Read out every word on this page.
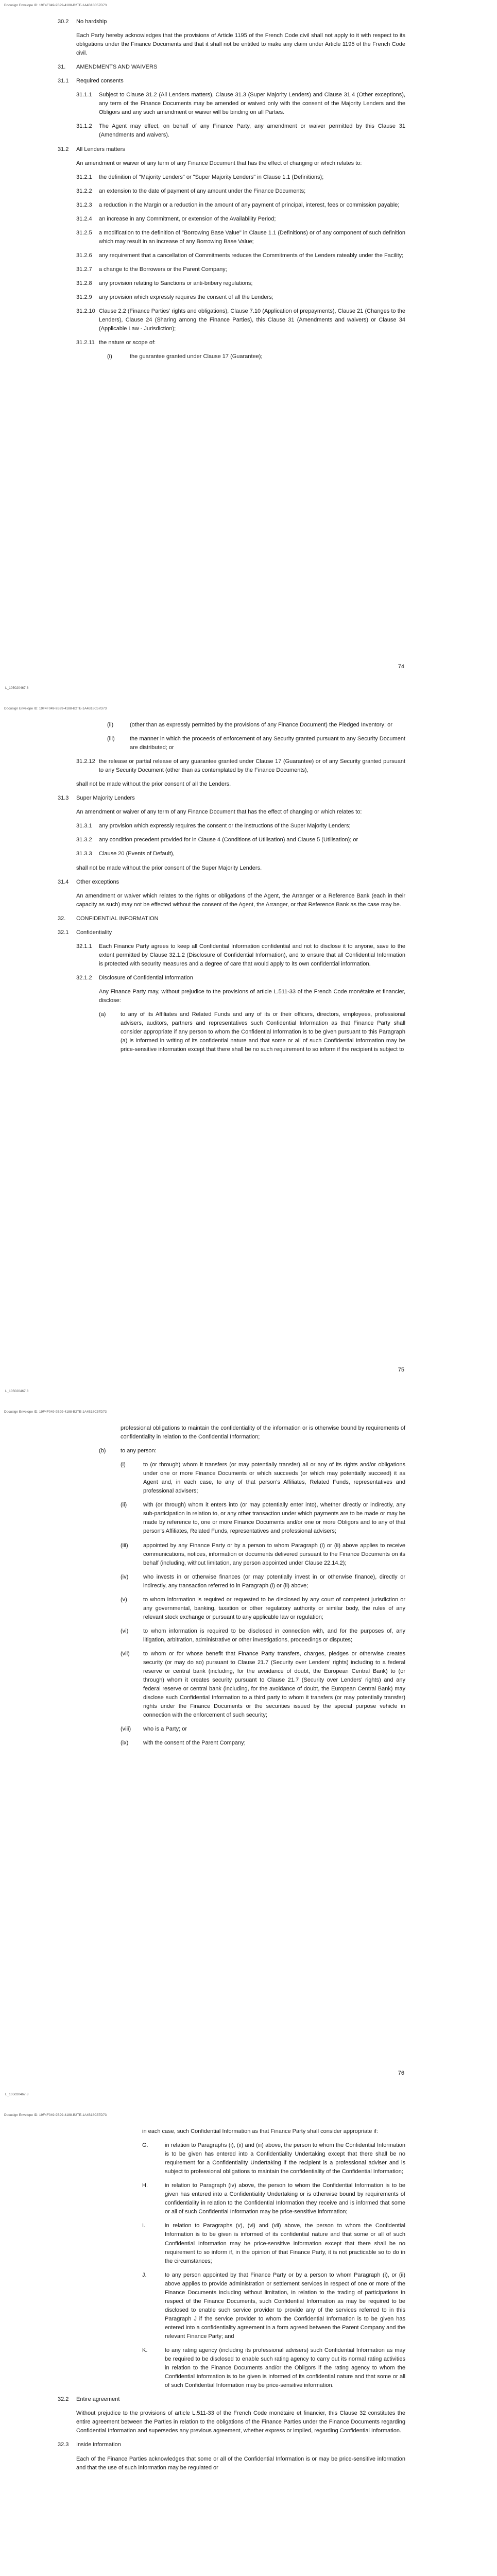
Docusign Envelope ID: 19F4F049-9B99-4188-B2TE-1A4B18C57D73
30.2	No hardship
Each Party hereby acknowledges that the provisions of Article 1195 of the French Code civil shall not apply to it with respect to its obligations under the Finance Documents and that it shall not be entitled to make any claim under Article 1195 of the French Code civil.
31.	AMENDMENTS AND WAIVERS
31.1	Required consents
31.1.1	Subject to Clause 31.2 (All Lenders matters), Clause 31.3 (Super Majority Lenders) and Clause 31.4 (Other exceptions), any term of the Finance Documents may be amended or waived only with the consent of the Majority Lenders and the Obligors and any such amendment or waiver will be binding on all Parties.
31.1.2	The Agent may effect, on behalf of any Finance Party, any amendment or waiver permitted by this Clause 31 (Amendments and waivers).
31.2	All Lenders matters
An amendment or waiver of any term of any Finance Document that has the effect of changing or which relates to:
31.2.1	the definition of "Majority Lenders" or "Super Majority Lenders" in Clause 1.1 (Definitions);
31.2.2	an extension to the date of payment of any amount under the Finance Documents;
31.2.3	a reduction in the Margin or a reduction in the amount of any payment of principal, interest, fees or commission payable;
31.2.4	an increase in any Commitment, or extension of the Availability Period;
31.2.5	a modification to the definition of "Borrowing Base Value" in Clause 1.1 (Definitions) or of any component of such definition which may result in an increase of any Borrowing Base Value;
31.2.6	any requirement that a cancellation of Commitments reduces the Commitments of the Lenders rateably under the Facility;
31.2.7	a change to the Borrowers or the Parent Company;
31.2.8	any provision relating to Sanctions or anti-bribery regulations;
31.2.9	any provision which expressly requires the consent of all the Lenders;
31.2.10 Clause 2.2 (Finance Parties' rights and obligations), Clause 7.10 (Application of prepayments), Clause 21 (Changes to the Lenders), Clause 24 (Sharing among the Finance Parties), this Clause 31 (Amendments and waivers) or Clause 34 (Applicable Law - Jurisdiction);
31.2.11 the nature or scope of:
(i)	the guarantee granted under Clause 17 (Guarantee);
74
L_105020467.8
Docusign Envelope ID: 19F4F049-9B99-4188-B2TE-1A4B18C57D73
(ii)	(other than as expressly permitted by the provisions of any Finance Document) the Pledged Inventory; or
(iii)	the manner in which the proceeds of enforcement of any Security granted pursuant to any Security Document are distributed; or
31.2.12 the release or partial release of any guarantee granted under Clause 17 (Guarantee) or of any Security granted pursuant to any Security Document (other than as contemplated by the Finance Documents),
shall not be made without the prior consent of all the Lenders.
31.3	Super Majority Lenders
An amendment or waiver of any term of any Finance Document that has the effect of changing or which relates to:
31.3.1	any provision which expressly requires the consent or the instructions of the Super Majority Lenders;
31.3.2	any condition precedent provided for in Clause 4 (Conditions of Utilisation) and Clause 5 (Utilisation); or
31.3.3	Clause 20 (Events of Default),
shall not be made without the prior consent of the Super Majority Lenders.
31.4	Other exceptions
An amendment or waiver which relates to the rights or obligations of the Agent, the Arranger or a Reference Bank (each in their capacity as such) may not be effected without the consent of the Agent, the Arranger, or that Reference Bank as the case may be.
32.	CONFIDENTIAL INFORMATION
32.1	Confidentiality
32.1.1	Each Finance Party agrees to keep all Confidential Information confidential and not to disclose it to anyone, save to the extent permitted by Clause 32.1.2 (Disclosure of Confidential Information), and to ensure that all Confidential Information is protected with security measures and a degree of care that would apply to its own confidential information.
32.1.2	Disclosure of Confidential Information
Any Finance Party may, without prejudice to the provisions of article L.511-33 of the French Code monétaire et financier, disclose:
(a)	to any of its Affiliates and Related Funds and any of its or their officers, directors, employees, professional advisers, auditors, partners and representatives such Confidential Information as that Finance Party shall consider appropriate if any person to whom the Confidential Information is to be given pursuant to this Paragraph (a) is informed in writing of its confidential nature and that some or all of such Confidential Information may be price-sensitive information except that there shall be no such requirement to so inform if the recipient is subject to
75
L_105020467.8
Docusign Envelope ID: 19F4F049-9B99-4188-B2TE-1A4B18C57D73
professional obligations to maintain the confidentiality of the information or is otherwise bound by requirements of confidentiality in relation to the Confidential Information;
(b)	to any person:
(i)	to (or through) whom it transfers (or may potentially transfer) all or any of its rights and/or obligations under one or more Finance Documents or which succeeds (or which may potentially succeed) it as Agent and, in each case, to any of that person's Affiliates, Related Funds, representatives and professional advisers;
(ii)	with (or through) whom it enters into (or may potentially enter into), whether directly or indirectly, any sub-participation in relation to, or any other transaction under which payments are to be made or may be made by reference to, one or more Finance Documents and/or one or more Obligors and to any of that person's Affiliates, Related Funds, representatives and professional advisers;
(iii)	appointed by any Finance Party or by a person to whom Paragraph (i) or (ii) above applies to receive communications, notices, information or documents delivered pursuant to the Finance Documents on its behalf (including, without limitation, any person appointed under Clause 22.14.2);
(iv)	who invests in or otherwise finances (or may potentially invest in or otherwise finance), directly or indirectly, any transaction referred to in Paragraph (i) or (ii) above;
(v)	to whom information is required or requested to be disclosed by any court of competent jurisdiction or any governmental, banking, taxation or other regulatory authority or similar body, the rules of any relevant stock exchange or pursuant to any applicable law or regulation;
(vi)	to whom information is required to be disclosed in connection with, and for the purposes of, any litigation, arbitration, administrative or other investigations, proceedings or disputes;
(vii)	to whom or for whose benefit that Finance Party transfers, charges, pledges or otherwise creates security (or may do so) pursuant to Clause 21.7 (Security over Lenders' rights) including to a federal reserve or central bank (including, for the avoidance of doubt, the European Central Bank) to (or through) whom it creates security pursuant to Clause 21.7 (Security over Lenders' rights) and any federal reserve or central bank (including, for the avoidance of doubt, the European Central Bank) may disclose such Confidential Information to a third party to whom it transfers (or may potentially transfer) rights under the Finance Documents or the securities issued by the special purpose vehicle in connection with the enforcement of such security;
(viii)	who is a Party; or
(ix)	with the consent of the Parent Company;
76
L_105020467.8
Docusign Envelope ID: 19F4F049-9B99-4188-B2TE-1A4B18C57D73
in each case, such Confidential Information as that Finance Party shall consider appropriate if:
G.	in relation to Paragraphs (i), (ii) and (iii) above, the person to whom the Confidential Information is to be given has entered into a Confidentiality Undertaking except that there shall be no requirement for a Confidentiality Undertaking if the recipient is a professional adviser and is subject to professional obligations to maintain the confidentiality of the Confidential Information;
H.	in relation to Paragraph (iv) above, the person to whom the Confidential Information is to be given has entered into a Confidentiality Undertaking or is otherwise bound by requirements of confidentiality in relation to the Confidential Information they receive and is informed that some or all of such Confidential Information may be price-sensitive information;
I.	in relation to Paragraphs (v), (vi) and (vii) above, the person to whom the Confidential Information is to be given is informed of its confidential nature and that some or all of such Confidential Information may be price-sensitive information except that there shall be no requirement to so inform if, in the opinion of that Finance Party, it is not practicable so to do in the circumstances;
J.	to any person appointed by that Finance Party or by a person to whom Paragraph (i), or (ii) above applies to provide administration or settlement services in respect of one or more of the Finance Documents including without limitation, in relation to the trading of participations in respect of the Finance Documents, such Confidential Information as may be required to be disclosed to enable such service provider to provide any of the services referred to in this Paragraph J if the service provider to whom the Confidential Information is to be given has entered into a confidentiality agreement in a form agreed between the Parent Company and the relevant Finance Party; and
K.	to any rating agency (including its professional advisers) such Confidential Information as may be required to be disclosed to enable such rating agency to carry out its normal rating activities in relation to the Finance Documents and/or the Obligors if the rating agency to whom the Confidential Information is to be given is informed of its confidential nature and that some or all of such Confidential Information may be price-sensitive information.
32.2	Entire agreement
Without prejudice to the provisions of article L.511-33 of the French Code monétaire et financier, this Clause 32 constitutes the entire agreement between the Parties in relation to the obligations of the Finance Parties under the Finance Documents regarding Confidential Information and supersedes any previous agreement, whether express or implied, regarding Confidential Information.
32.3	Inside information
Each of the Finance Parties acknowledges that some or all of the Confidential Information is or may be price-sensitive information and that the use of such information may be regulated or
